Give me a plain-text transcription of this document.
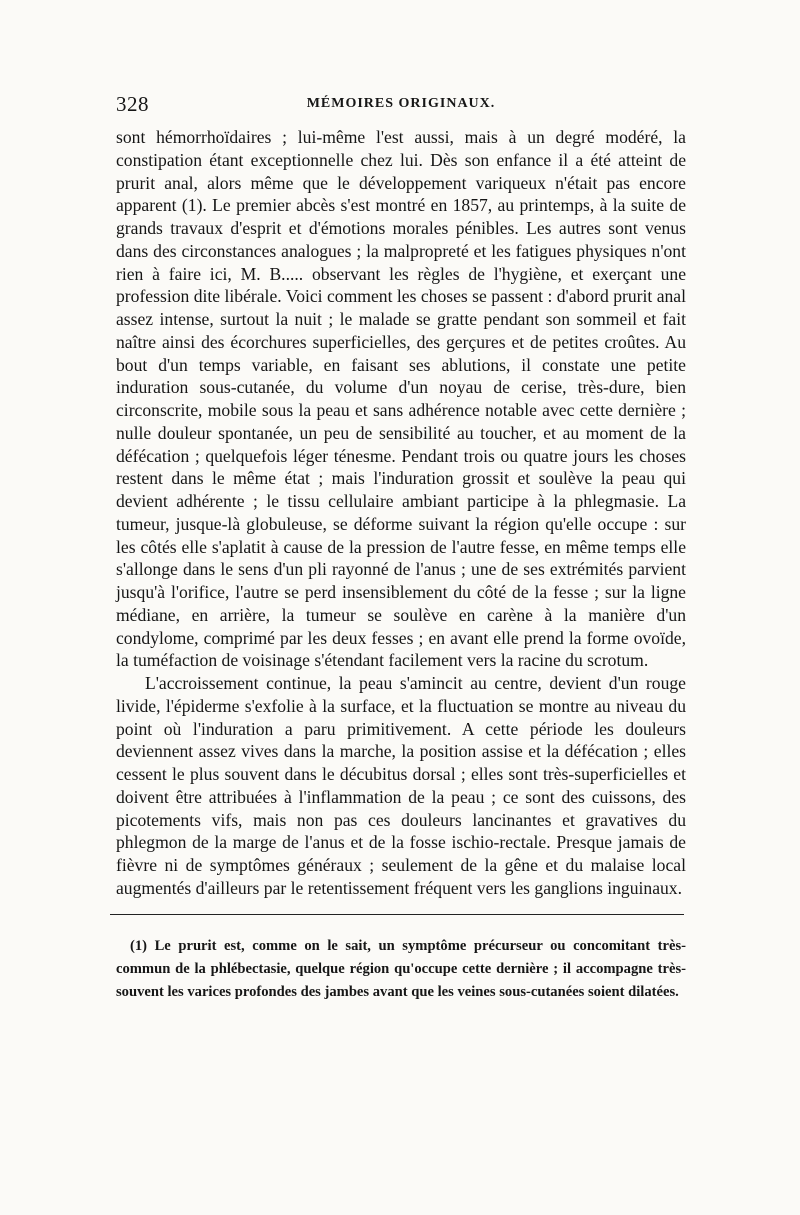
328	MÉMOIRES ORIGINAUX.

sont hémorrhoïdaires ; lui-même l'est aussi, mais à un degré modéré, la constipation étant exceptionnelle chez lui. Dès son enfance il a été atteint de prurit anal, alors même que le développement variqueux n'était pas encore apparent (1). Le premier abcès s'est montré en 1857, au printemps, à la suite de grands travaux d'esprit et d'émotions morales pénibles. Les autres sont venus dans des circonstances analogues ; la malpropreté et les fatigues physiques n'ont rien à faire ici, M. B..... observant les règles de l'hygiène, et exerçant une profession dite libérale. Voici comment les choses se passent : d'abord prurit anal assez intense, surtout la nuit ; le malade se gratte pendant son sommeil et fait naître ainsi des écorchures superficielles, des gerçures et de petites croûtes. Au bout d'un temps variable, en faisant ses ablutions, il constate une petite induration sous-cutanée, du volume d'un noyau de cerise, très-dure, bien circonscrite, mobile sous la peau et sans adhérence notable avec cette dernière ; nulle douleur spontanée, un peu de sensibilité au toucher, et au moment de la défécation ; quelquefois léger ténesme. Pendant trois ou quatre jours les choses restent dans le même état ; mais l'induration grossit et soulève la peau qui devient adhérente ; le tissu cellulaire ambiant participe à la phlegmasie. La tumeur, jusque-là globuleuse, se déforme suivant la région qu'elle occupe : sur les côtés elle s'aplatit à cause de la pression de l'autre fesse, en même temps elle s'allonge dans le sens d'un pli rayonné de l'anus ; une de ses extrémités parvient jusqu'à l'orifice, l'autre se perd insensiblement du côté de la fesse ; sur la ligne médiane, en arrière, la tumeur se soulève en carène à la manière d'un condylome, comprimé par les deux fesses ; en avant elle prend la forme ovoïde, la tuméfaction de voisinage s'étendant facilement vers la racine du scrotum.

L'accroissement continue, la peau s'amincit au centre, devient d'un rouge livide, l'épiderme s'exfolie à la surface, et la fluctuation se montre au niveau du point où l'induration a paru primitivement. A cette période les douleurs deviennent assez vives dans la marche, la position assise et la défécation ; elles cessent le plus souvent dans le décubitus dorsal ; elles sont très-superficielles et doivent être attribuées à l'inflammation de la peau ; ce sont des cuissons, des picotements vifs, mais non pas ces douleurs lancinantes et gravatives du phlegmon de la marge de l'anus et de la fosse ischio-rectale. Presque jamais de fièvre ni de symptômes généraux ; seulement de la gêne et du malaise local augmentés d'ailleurs par le retentissement fréquent vers les ganglions inguinaux.

(1) Le prurit est, comme on le sait, un symptôme précurseur ou concomitant très-commun de la phlébectasie, quelque région qu'occupe cette dernière ; il accompagne très-souvent les varices profondes des jambes avant que les veines sous-cutanées soient dilatées.
